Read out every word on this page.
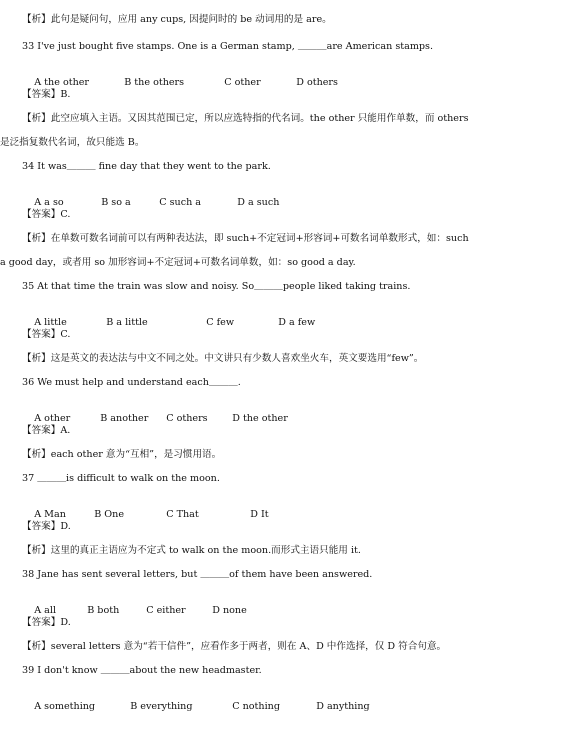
【析】此句是疑问句，应用 any cups, 因提问时的 be 动词用的是 are。
33 I've just bought five stamps. One is a German stamp, ＿＿＿are American stamps.

A the other	B the others	C other	D others

【答案】B.
【析】此空应填入主语。又因其范围已定，所以应选特指的代名词。the other 只能用作单数，而 others
是泛指复数代名词，故只能选 B。
34 It was＿＿＿ fine day that they went to the park.

A a so	B so a	C such a	D a such

【答案】C.
【析】在单数可数名词前可以有两种表达法，即 such+不定冠词+形容词+可数名词单数形式，如：such
a good day，或者用 so 加形容词+不定冠词+可数名词单数，如：so good a day.
35 At that time the train was slow and noisy. So＿＿＿people liked taking trains.

A little	B a little	C few	D a few

【答案】C.
【析】这是英文的表达法与中文不同之处。中文讲只有少数人喜欢坐火车，英文要选用“few”。
36 We must help and understand each＿＿＿.

A other	B another C others	D the other

【答案】A.
【析】each other 意为“互相”，是习惯用语。
37 ＿＿＿is difficult to walk on the moon.

A Man	B One	C That	D It

【答案】D.
【析】这里的真正主语应为不定式 to walk on the moon.而形式主语只能用 it.
38 Jane has sent several letters, but ＿＿＿of them have been answered.

A all	B both	C either	D none

【答案】D.
【析】several letters 意为“若干信件”，应看作多于两者，则在 A、D 中作选择，仅 D 符合句意。
39 I don't know ＿＿＿about the new headmaster.

A something	B everything	C nothing	D anything
